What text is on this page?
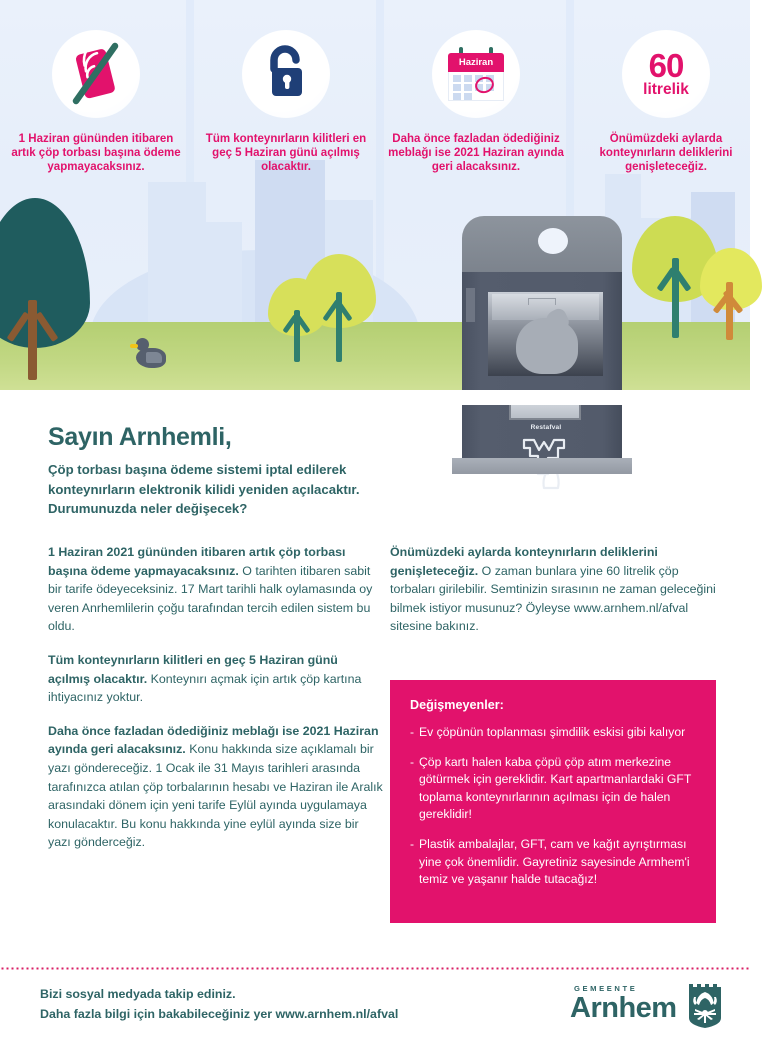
Restafval
1 Haziran gününden itibaren artık çöp torbası başına ödeme yapmayacaksınız.
Tüm konteynırların kilitleri en geç 5 Haziran günü açılmış olacaktır.
Haziran
Daha önce fazladan ödediğiniz meblağı ise 2021 Haziran ayında geri alacaksınız.
60
litrelik
Önümüzdeki aylarda konteynırların deliklerini genişleteceğiz.
Sayın Arnhemli,
Çöp torbası başına ödeme sistemi iptal edilerek konteynırların elektronik kilidi yeniden açılacaktır. Durumunuzda neler değişecek?
1 Haziran 2021 gününden itibaren artık çöp torbası başına ödeme yapmayacaksınız. O tarihten itibaren sabit bir tarife ödeyeceksiniz. 17 Mart tarihli halk oylamasında oy veren Anrhemlilerin çoğu tarafından tercih edilen sistem bu oldu.
Tüm konteynırların kilitleri en geç 5 Haziran günü açılmış olacaktır. Konteynırı açmak için artık çöp kartına ihtiyacınız yoktur.
Daha önce fazladan ödediğiniz meblağı ise 2021 Haziran ayında geri alacaksınız. Konu hakkında size açıklamalı bir yazı göndereceğiz. 1 Ocak ile 31 Mayıs tarihleri arasında tarafınızca atılan çöp torbalarının hesabı ve Haziran ile Aralık arasındaki dönem için yeni tarife Eylül ayında uygulamaya konulacaktır. Bu konu hakkında yine eylül ayında size bir yazı gönderceğiz.
Önümüzdeki aylarda konteynırların deliklerini genişleteceğiz. O zaman bunlara yine 60 litrelik çöp torbaları girilebilir. Semtinizin sırasının ne zaman geleceğini bilmek istiyor musunuz? Öyleyse www.arnhem.nl/afval sitesine bakınız.
Değişmeyenler:
- Ev çöpünün toplanması şimdilik eskisi gibi kalıyor
- Çöp kartı halen kaba çöpü çöp atım merkezine götürmek için gereklidir. Kart apartmanlardaki GFT toplama konteynırlarının açılması için de halen gereklidir!
- Plastik ambalajlar, GFT, cam ve kağıt ayrıştırması yine çok önemlidir. Gayretiniz sayesinde Armhem'i temiz ve yaşanır halde tutacağız!
Bizi sosyal medyada takip ediniz.
Daha fazla bilgi için bakabileceğiniz yer www.arnhem.nl/afval
GEMEENTE
Arnhem
